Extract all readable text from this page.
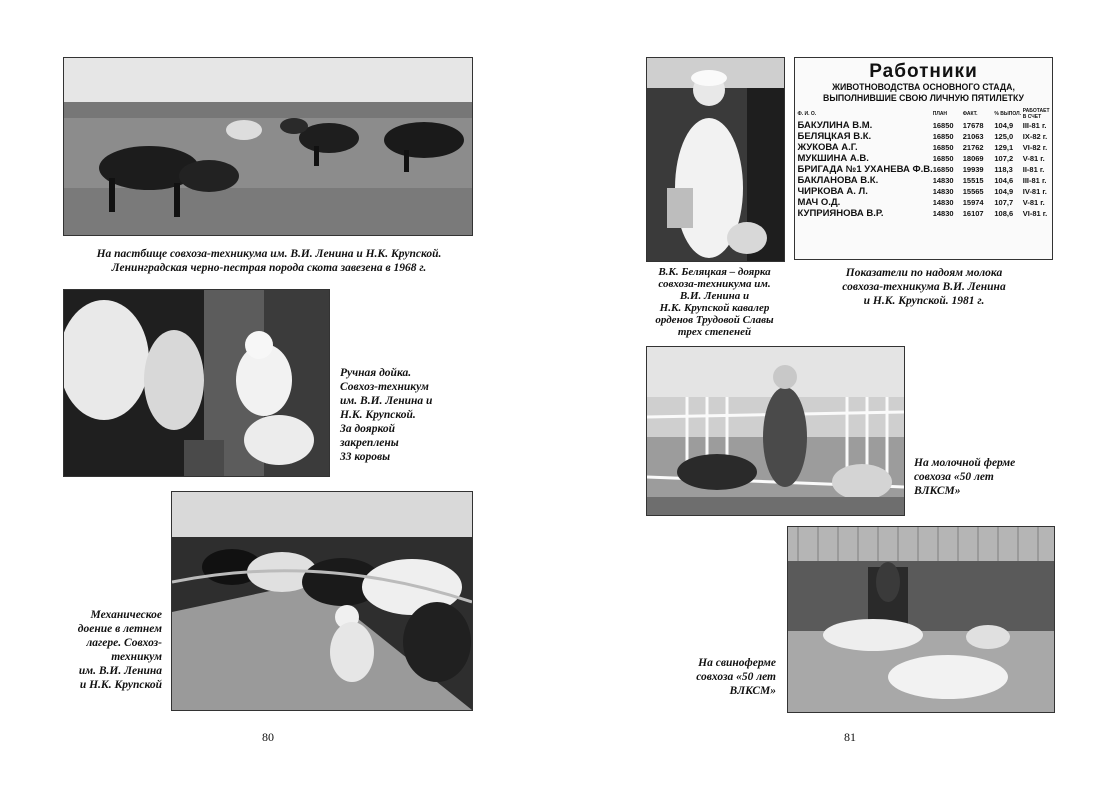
На пастбище совхоза-техникума им. В.И. Ленина и Н.К. Крупской.
Ленинградская черно-пестрая порода скота завезена в 1968 г.
Ручная дойка.
Совхоз-техникум
им. В.И. Ленина и
Н.К. Крупской.
За дояркой
закреплены
33 коровы
Механическое
доение в летнем
лагере. Совхоз-
техникум
им. В.И. Ленина
и Н.К. Крупской
80
В.К. Беляцкая – доярка
совхоза-техникума им.
В.И. Ленина и
Н.К. Крупской кавалер
орденов Трудовой Славы
трех степеней
Работники
ЖИВОТНОВОДСТВА ОСНОВНОГО СТАДА,
ВЫПОЛНИВШИЕ СВОЮ ЛИЧНУЮ ПЯТИЛЕТКУ
Ф. И. О.	ПЛАН	ФАКТ.	% ВЫПОЛ.	РАБОТАЕТ В СЧЕТ
БАКУЛИНА В.М.	16850	17678	104,9	III-81 г.
БЕЛЯЦКАЯ В.К.	16850	21063	125,0	IX-82 г.
ЖУКОВА А.Г.	16850	21762	129,1	VI-82 г.
МУКШИНА А.В.	16850	18069	107,2	V-81 г.
БРИГАДА №1 УХАНЕВА Ф.В.	16850	19939	118,3	II-81 г.
БАКЛАНОВА В.К.	14830	15515	104,6	III-81 г.
ЧИРКОВА А. Л.	14830	15565	104,9	IV-81 г.
МАЧ О.Д.	14830	15974	107,7	V-81 г.
КУПРИЯНОВА В.Р.	14830	16107	108,6	VI-81 г.
Показатели по надоям молока
совхоза-техникума В.И. Ленина
и Н.К. Крупской. 1981 г.
На молочной ферме
совхоза «50 лет
ВЛКСМ»
На свиноферме
совхоза «50 лет
ВЛКСМ»
81
